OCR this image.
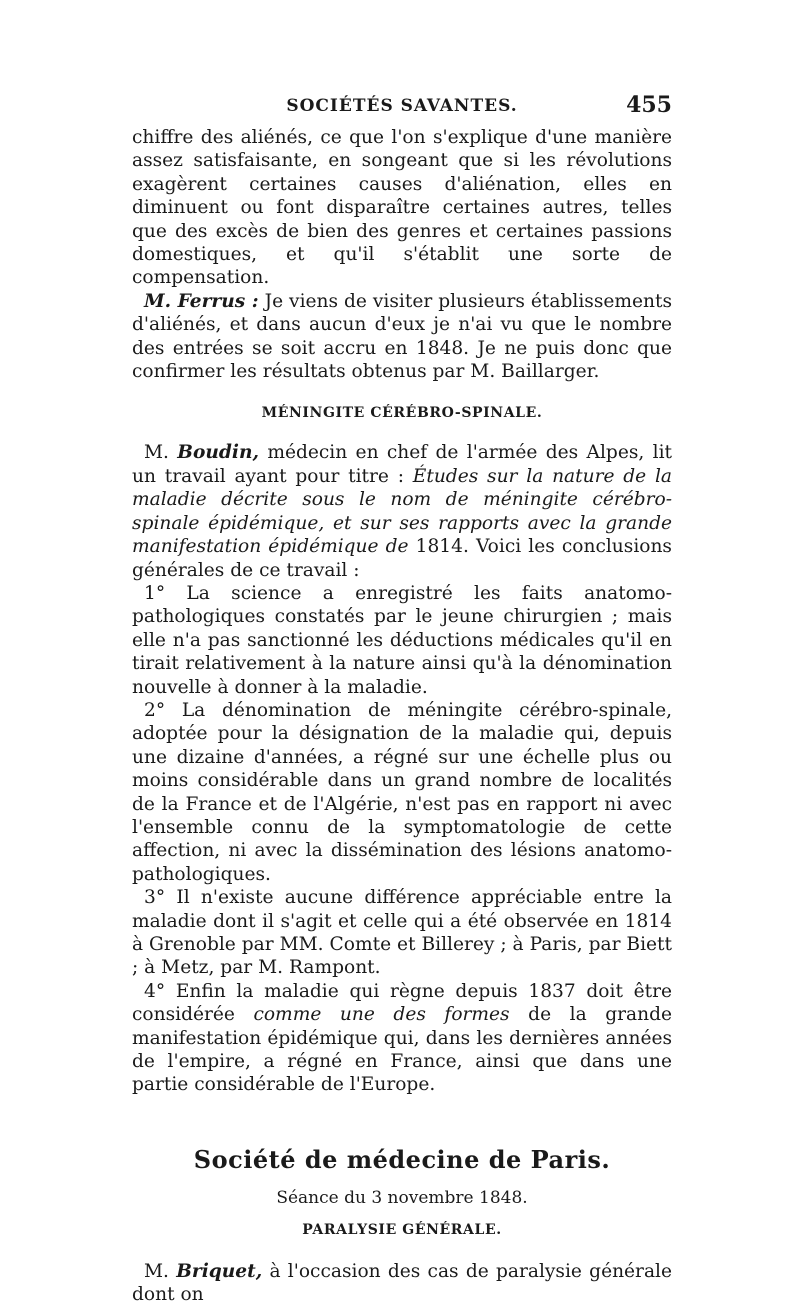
SOCIÉTÉS SAVANTES.	455

chiffre des aliénés, ce que l'on s'explique d'une manière assez satisfaisante, en songeant que si les révolutions exagèrent certaines causes d'aliénation, elles en diminuent ou font disparaître certaines autres, telles que des excès de bien des genres et certaines passions domestiques, et qu'il s'établit une sorte de compensation.

M. Ferrus : Je viens de visiter plusieurs établissements d'aliénés, et dans aucun d'eux je n'ai vu que le nombre des entrées se soit accru en 1848. Je ne puis donc que confirmer les résultats obtenus par M. Baillarger.

MÉNINGITE CÉRÉBRO-SPINALE.

M. Boudin, médecin en chef de l'armée des Alpes, lit un travail ayant pour titre : Études sur la nature de la maladie décrite sous le nom de méningite cérébro-spinale épidémique, et sur ses rapports avec la grande manifestation épidémique de 1814. Voici les conclusions générales de ce travail :

1° La science a enregistré les faits anatomo-pathologiques constatés par le jeune chirurgien ; mais elle n'a pas sanctionné les déductions médicales qu'il en tirait relativement à la nature ainsi qu'à la dénomination nouvelle à donner à la maladie.

2° La dénomination de méningite cérébro-spinale, adoptée pour la désignation de la maladie qui, depuis une dizaine d'années, a régné sur une échelle plus ou moins considérable dans un grand nombre de localités de la France et de l'Algérie, n'est pas en rapport ni avec l'ensemble connu de la symptomatologie de cette affection, ni avec la dissémination des lésions anatomo-pathologiques.

3° Il n'existe aucune différence appréciable entre la maladie dont il s'agit et celle qui a été observée en 1814 à Grenoble par MM. Comte et Billerey ; à Paris, par Biett ; à Metz, par M. Rampont.

4° Enfin la maladie qui règne depuis 1837 doit être considérée comme une des formes de la grande manifestation épidémique qui, dans les dernières années de l'empire, a régné en France, ainsi que dans une partie considérable de l'Europe.

Société de médecine de Paris.
Séance du 3 novembre 1848.
PARALYSIE GÉNÉRALE.

M. Briquet, à l'occasion des cas de paralysie générale dont on
